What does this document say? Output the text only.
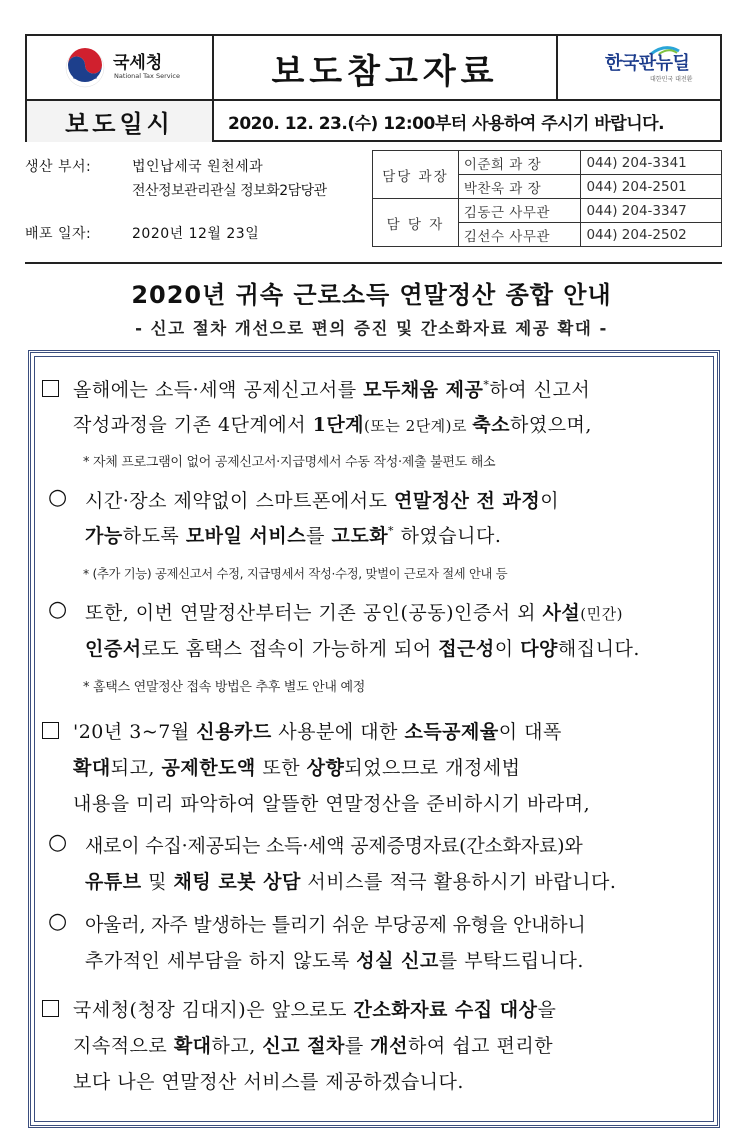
국세청
National Tax Service	보도참고자료	한국판뉴딜
대한민국 대전환
보도일시	2020. 12. 23.(수) 12:00부터 사용하여 주시기 바랍니다.
생산 부서:	법인납세국 원천세과
전산정보관리관실 정보화2담당관
배포 일자:	2020년 12월 23일
담당 과장	이준희 과 장	044) 204-3341
	박찬욱 과 장	044) 204-2501
담 당 자	김동근 사무관	044) 204-3347
	김선수 사무관	044) 204-2502
2020년 귀속 근로소득 연말정산 종합 안내
- 신고 절차 개선으로 편의 증진 및 간소화자료 제공 확대 -
올해에는 소득·세액 공제신고서를 모두채움 제공*하여 신고서
작성과정을 기존 4단계에서 1단계(또는 2단계)로 축소하였으며,
* 자체 프로그램이 없어 공제신고서·지급명세서 수동 작성·제출 불편도 해소
○ 시간·장소 제약없이 스마트폰에서도 연말정산 전 과정이
가능하도록 모바일 서비스를 고도화* 하였습니다.
* (추가 기능) 공제신고서 수정, 지급명세서 작성·수정, 맞벌이 근로자 절세 안내 등
○ 또한, 이번 연말정산부터는 기존 공인(공동)인증서 외 사설(민간)
인증서로도 홈택스 접속이 가능하게 되어 접근성이 다양해집니다.
* 홈택스 연말정산 접속 방법은 추후 별도 안내 예정
'20년 3~7월 신용카드 사용분에 대한 소득공제율이 대폭
확대되고, 공제한도액 또한 상향되었으므로 개정세법
내용을 미리 파악하여 알뜰한 연말정산을 준비하시기 바라며,
○ 새로이 수집·제공되는 소득·세액 공제증명자료(간소화자료)와
유튜브 및 채팅 로봇 상담 서비스를 적극 활용하시기 바랍니다.
○ 아울러, 자주 발생하는 틀리기 쉬운 부당공제 유형을 안내하니
추가적인 세부담을 하지 않도록 성실 신고를 부탁드립니다.
국세청(청장 김대지)은 앞으로도 간소화자료 수집 대상을
지속적으로 확대하고, 신고 절차를 개선하여 쉽고 편리한
보다 나은 연말정산 서비스를 제공하겠습니다.
